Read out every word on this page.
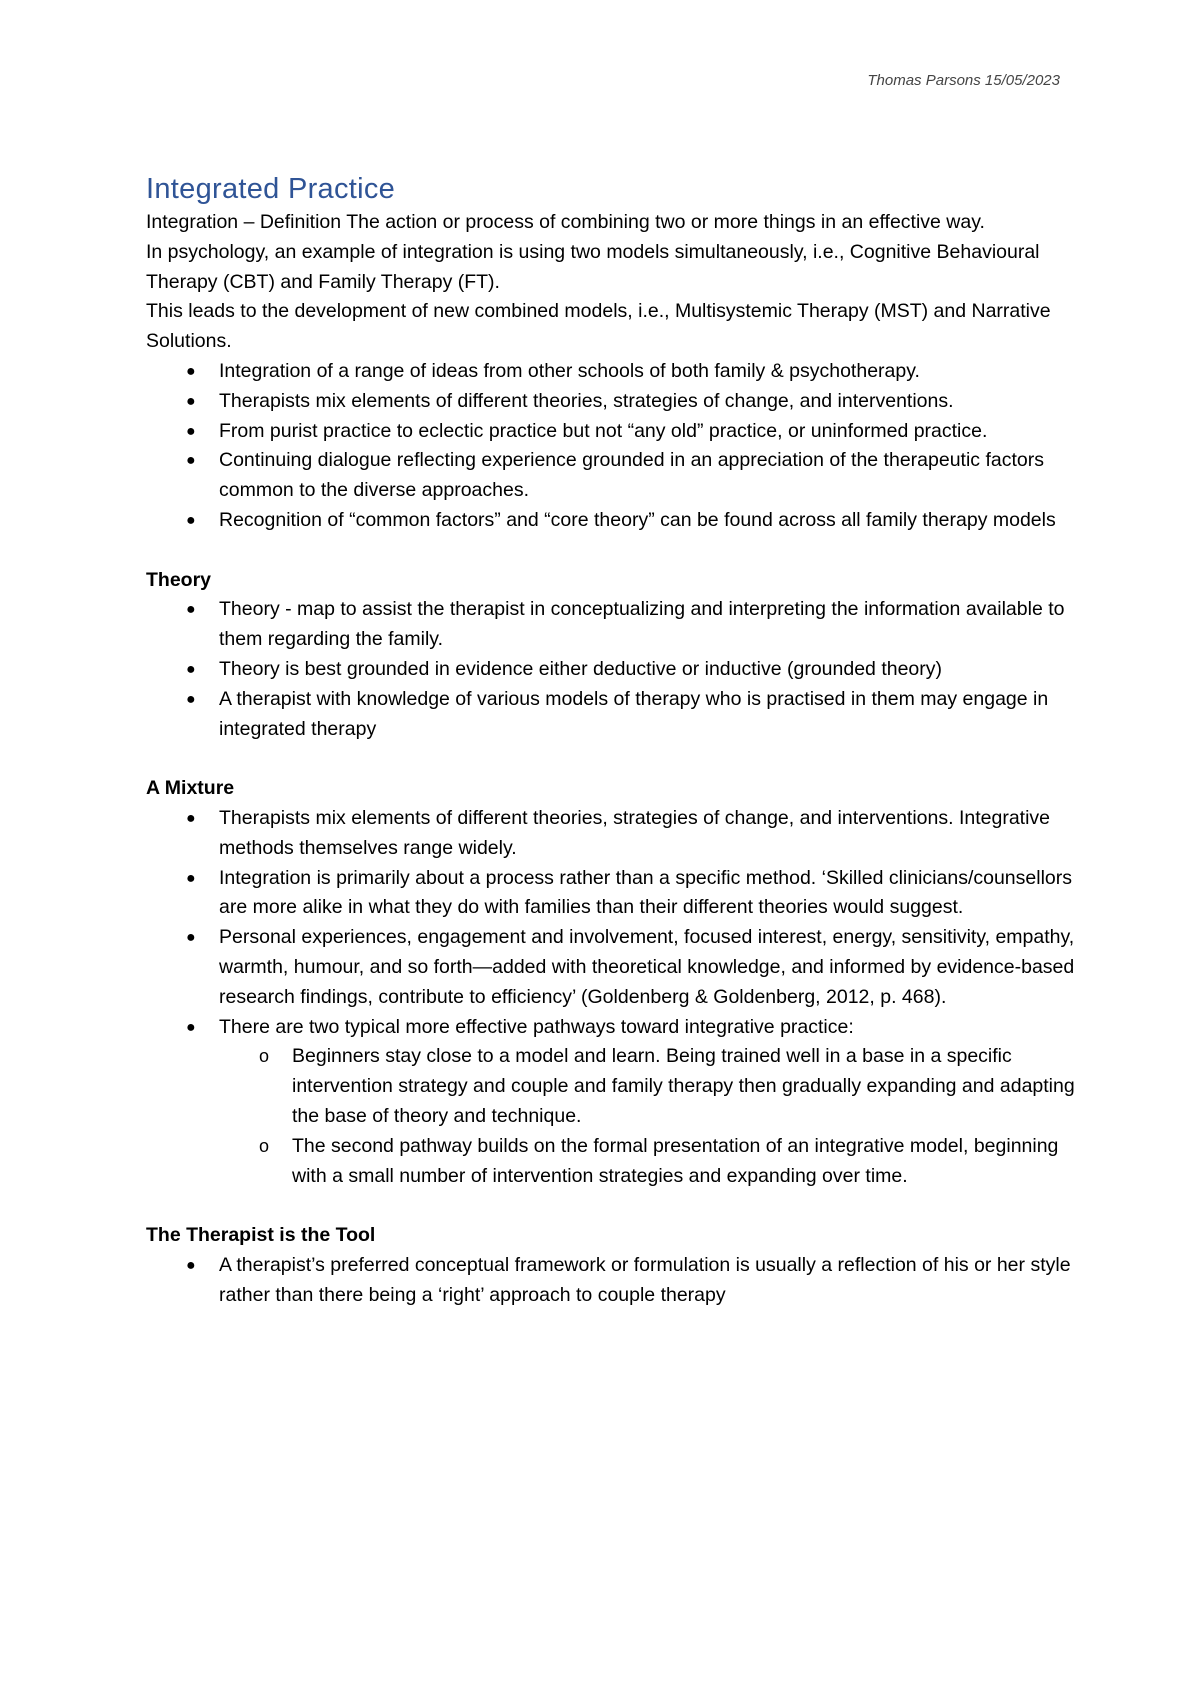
Thomas Parsons 15/05/2023
Integrated Practice

Integration – Definition The action or process of combining two or more things in an effective way.

In psychology, an example of integration is using two models simultaneously, i.e., Cognitive Behavioural Therapy (CBT) and Family Therapy (FT).

This leads to the development of new combined models, i.e., Multisystemic Therapy (MST) and Narrative Solutions.

● Integration of a range of ideas from other schools of both family & psychotherapy.
● Therapists mix elements of different theories, strategies of change, and interventions.
● From purist practice to eclectic practice but not “any old” practice, or uninformed practice.
● Continuing dialogue reflecting experience grounded in an appreciation of the therapeutic factors common to the diverse approaches.
● Recognition of “common factors” and “core theory” can be found across all family therapy models

Theory

● Theory - map to assist the therapist in conceptualizing and interpreting the information available to them regarding the family.
● Theory is best grounded in evidence either deductive or inductive (grounded theory)
● A therapist with knowledge of various models of therapy who is practised in them may engage in integrated therapy

A Mixture

● Therapists mix elements of different theories, strategies of change, and interventions. Integrative methods themselves range widely.
● Integration is primarily about a process rather than a specific method. ‘Skilled clinicians/counsellors are more alike in what they do with families than their different theories would suggest.
● Personal experiences, engagement and involvement, focused interest, energy, sensitivity, empathy, warmth, humour, and so forth—added with theoretical knowledge, and informed by evidence-based research findings, contribute to efficiency’ (Goldenberg & Goldenberg, 2012, p. 468).
● There are two typical more effective pathways toward integrative practice:
o Beginners stay close to a model and learn. Being trained well in a base in a specific intervention strategy and couple and family therapy then gradually expanding and adapting the base of theory and technique.
o The second pathway builds on the formal presentation of an integrative model, beginning with a small number of intervention strategies and expanding over time.

The Therapist is the Tool

● A therapist’s preferred conceptual framework or formulation is usually a reflection of his or her style rather than there being a ‘right’ approach to couple therapy
